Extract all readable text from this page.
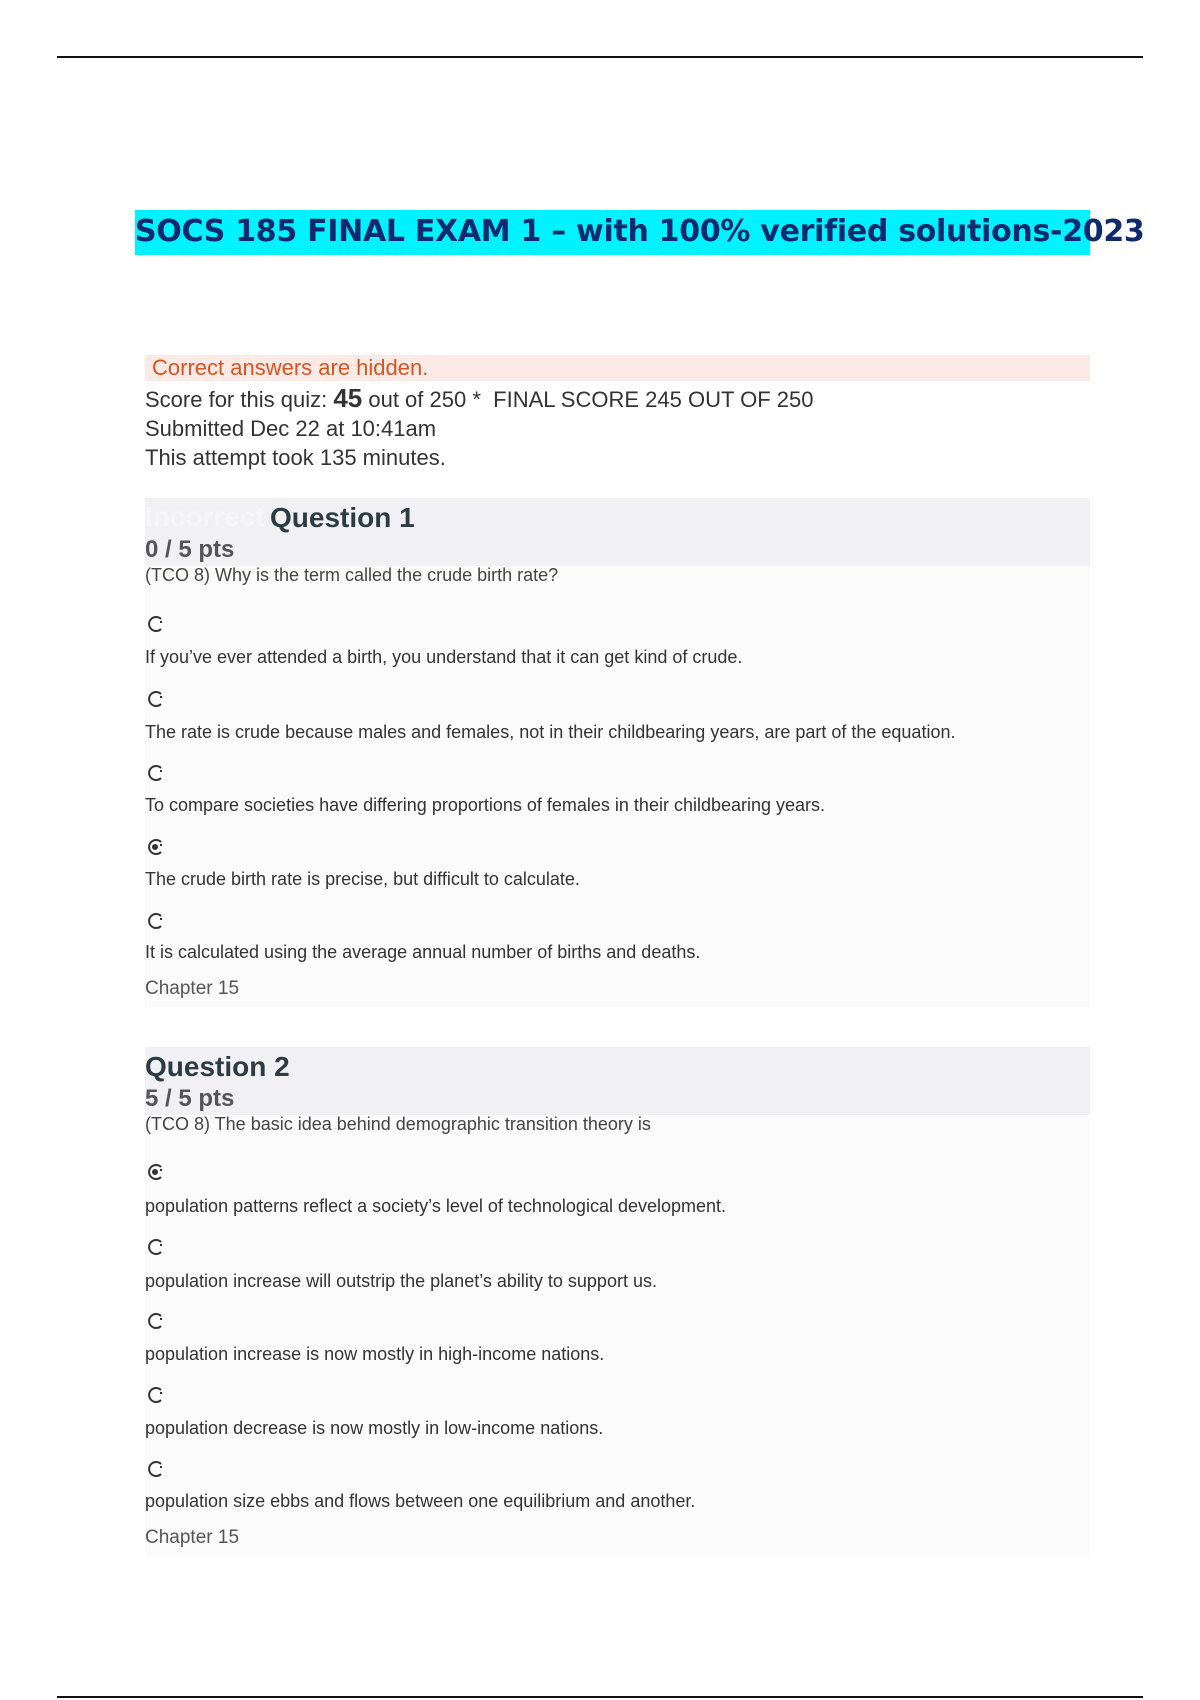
SOCS 185 FINAL EXAM 1 – with 100% verified solutions-2023
Correct answers are hidden.
Score for this quiz: 45 out of 250 * FINAL SCORE 245 OUT OF 250
Submitted Dec 22 at 10:41am
This attempt took 135 minutes.
Incorrect Question 1
0 / 5 pts
(TCO 8) Why is the term called the crude birth rate?
If you’ve ever attended a birth, you understand that it can get kind of crude.
The rate is crude because males and females, not in their childbearing years, are part of the equation.
To compare societies have differing proportions of females in their childbearing years.
The crude birth rate is precise, but difficult to calculate.
It is calculated using the average annual number of births and deaths.
Chapter 15
Question 2
5 / 5 pts
(TCO 8) The basic idea behind demographic transition theory is
population patterns reflect a society’s level of technological development.
population increase will outstrip the planet’s ability to support us.
population increase is now mostly in high-income nations.
population decrease is now mostly in low-income nations.
population size ebbs and flows between one equilibrium and another.
Chapter 15
